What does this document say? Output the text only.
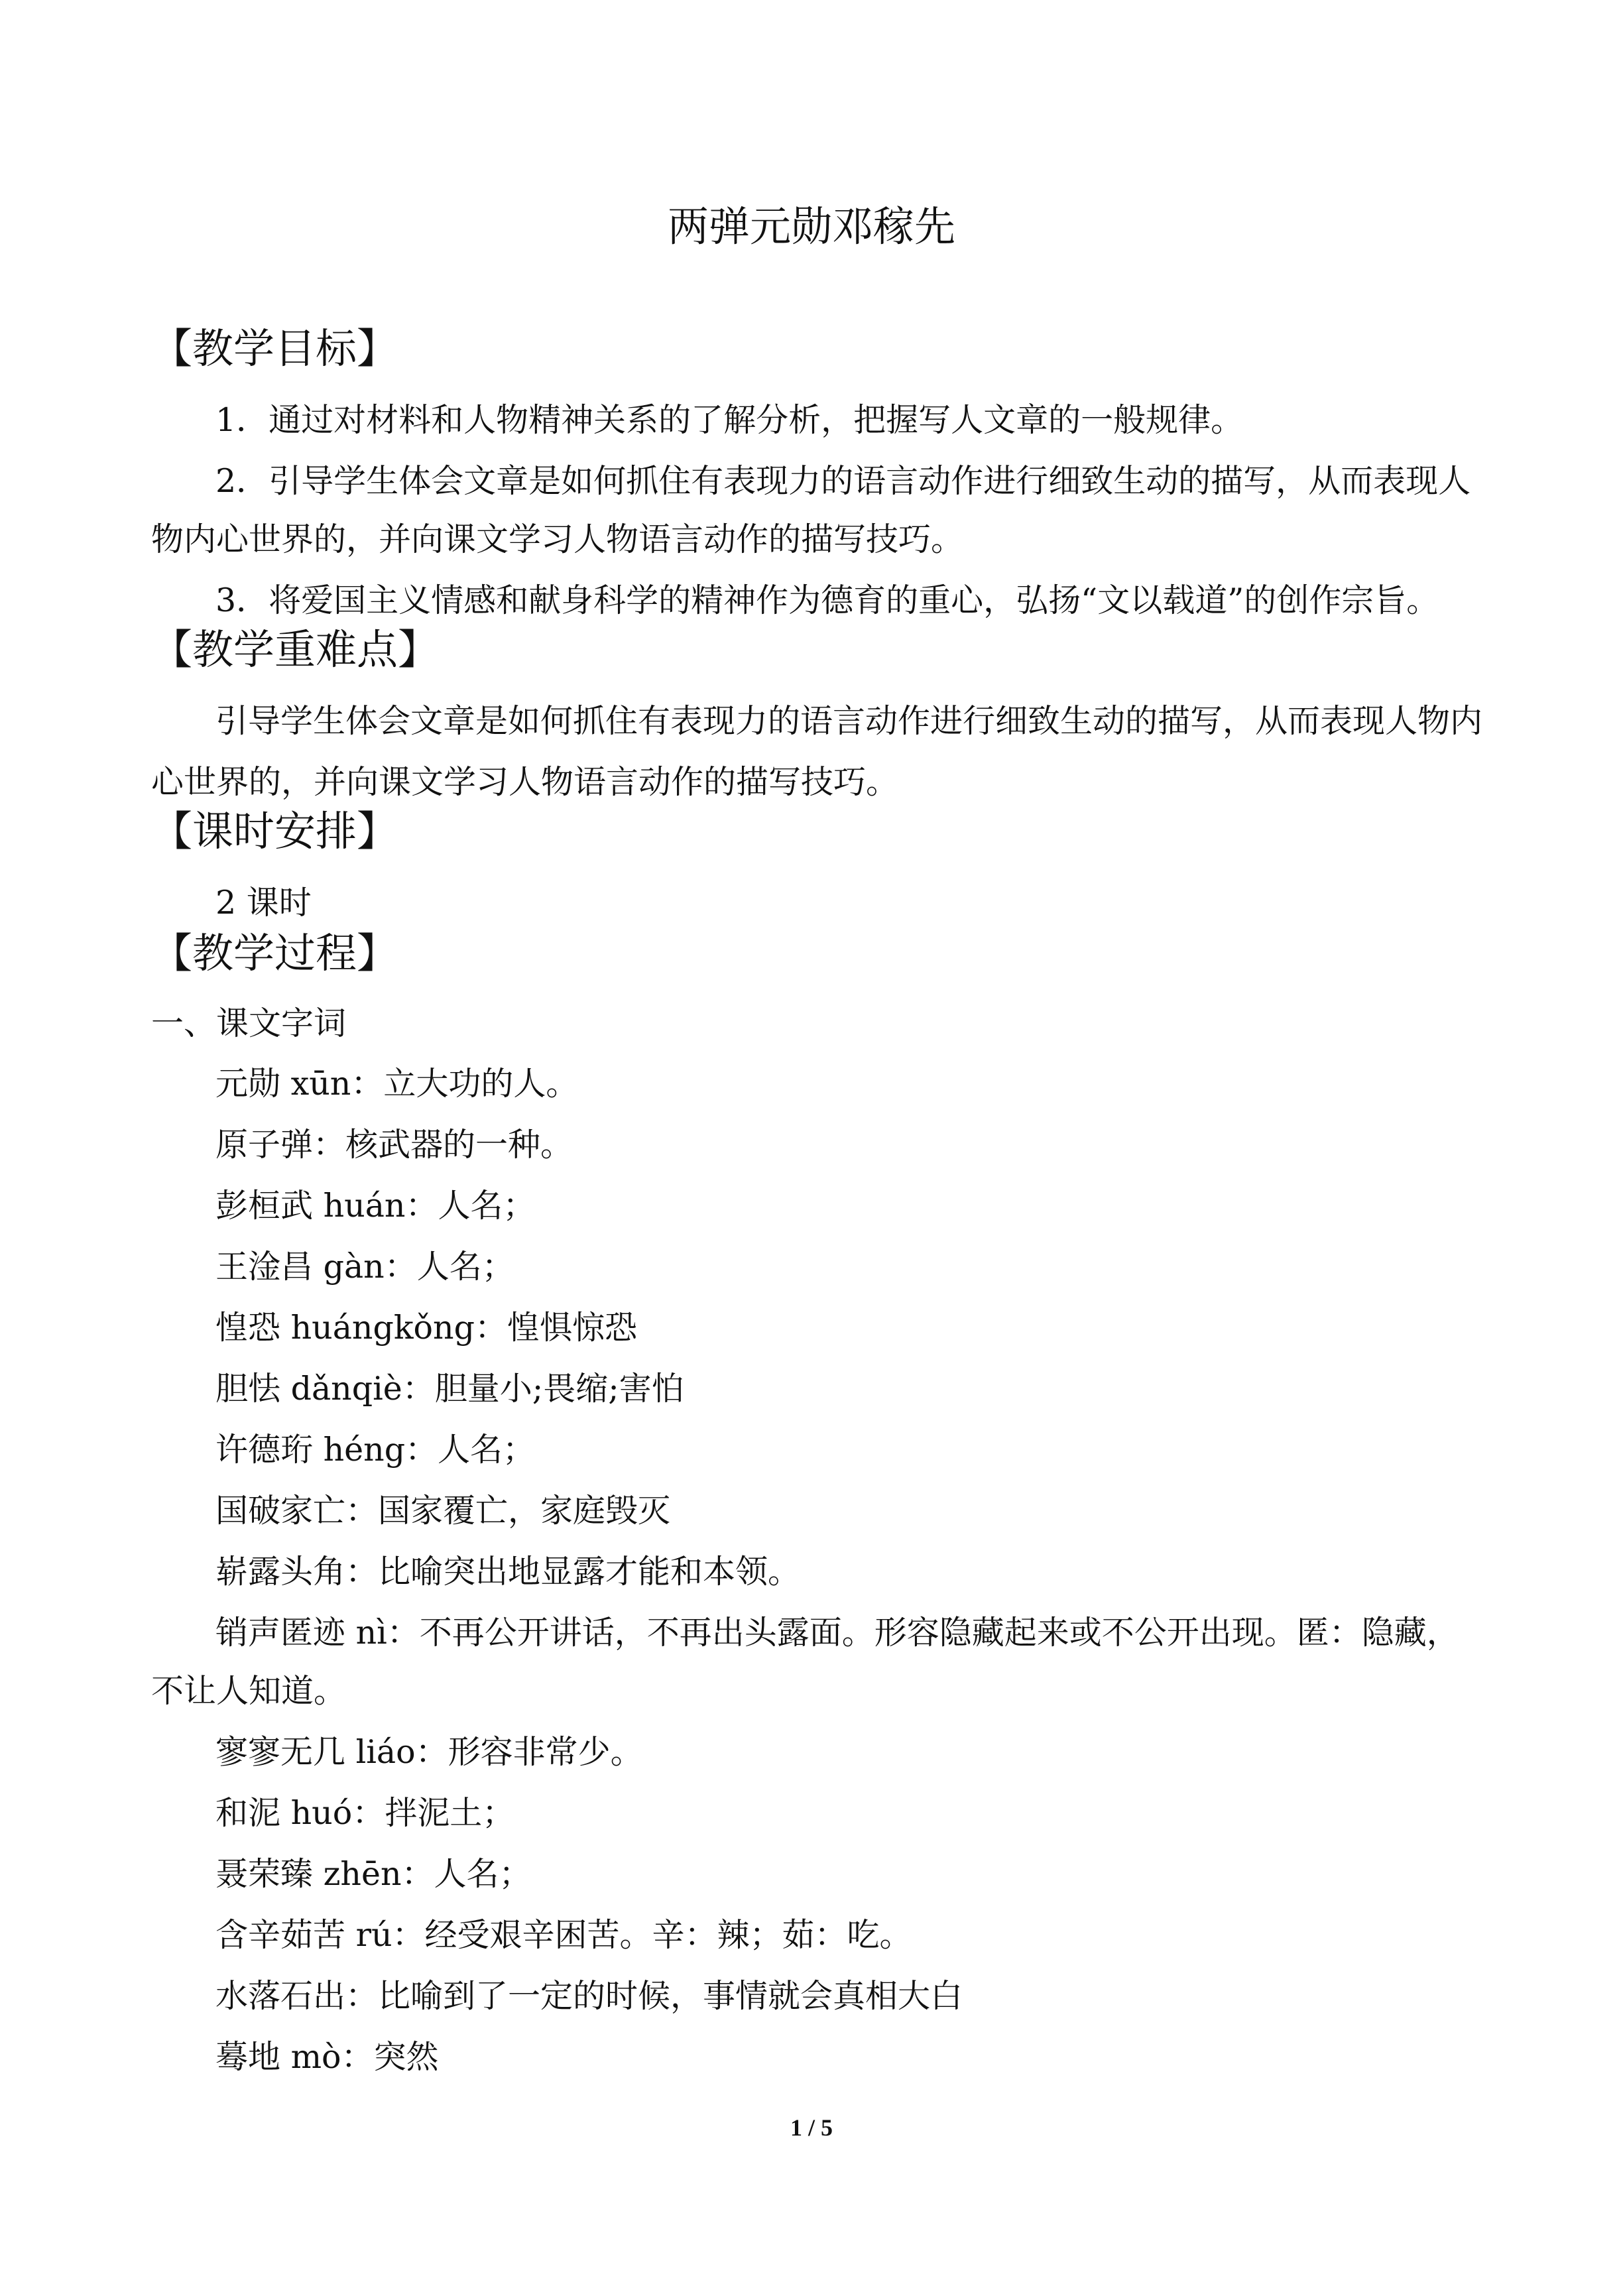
两弹元勋邓稼先
【教学目标】
1．通过对材料和人物精神关系的了解分析，把握写人文章的一般规律。
2．引导学生体会文章是如何抓住有表现力的语言动作进行细致生动的描写，从而表现人
物内心世界的，并向课文学习人物语言动作的描写技巧。
3．将爱国主义情感和献身科学的精神作为德育的重心，弘扬“文以载道”的创作宗旨。
【教学重难点】
引导学生体会文章是如何抓住有表现力的语言动作进行细致生动的描写，从而表现人物内
心世界的，并向课文学习人物语言动作的描写技巧。
【课时安排】
2 课时
【教学过程】
一、课文字词
元勋 xūn：立大功的人。
原子弹：核武器的一种。
彭桓武 huán：人名；
王淦昌 gàn：人名；
惶恐 huángkǒng：惶惧惊恐
胆怯 dǎnqiè：胆量小;畏缩;害怕
许德珩 héng：人名；
国破家亡：国家覆亡，家庭毁灭
崭露头角：比喻突出地显露才能和本领。
销声匿迹 nì：不再公开讲话，不再出头露面。形容隐藏起来或不公开出现。匿：隐藏，
不让人知道。
寥寥无几 liáo：形容非常少。
和泥 huó：拌泥土；
聂荣臻 zhēn：人名；
含辛茹苦 rú：经受艰辛困苦。辛：辣；茹：吃。
水落石出：比喻到了一定的时候，事情就会真相大白
蓦地 mò：突然
1 / 5
